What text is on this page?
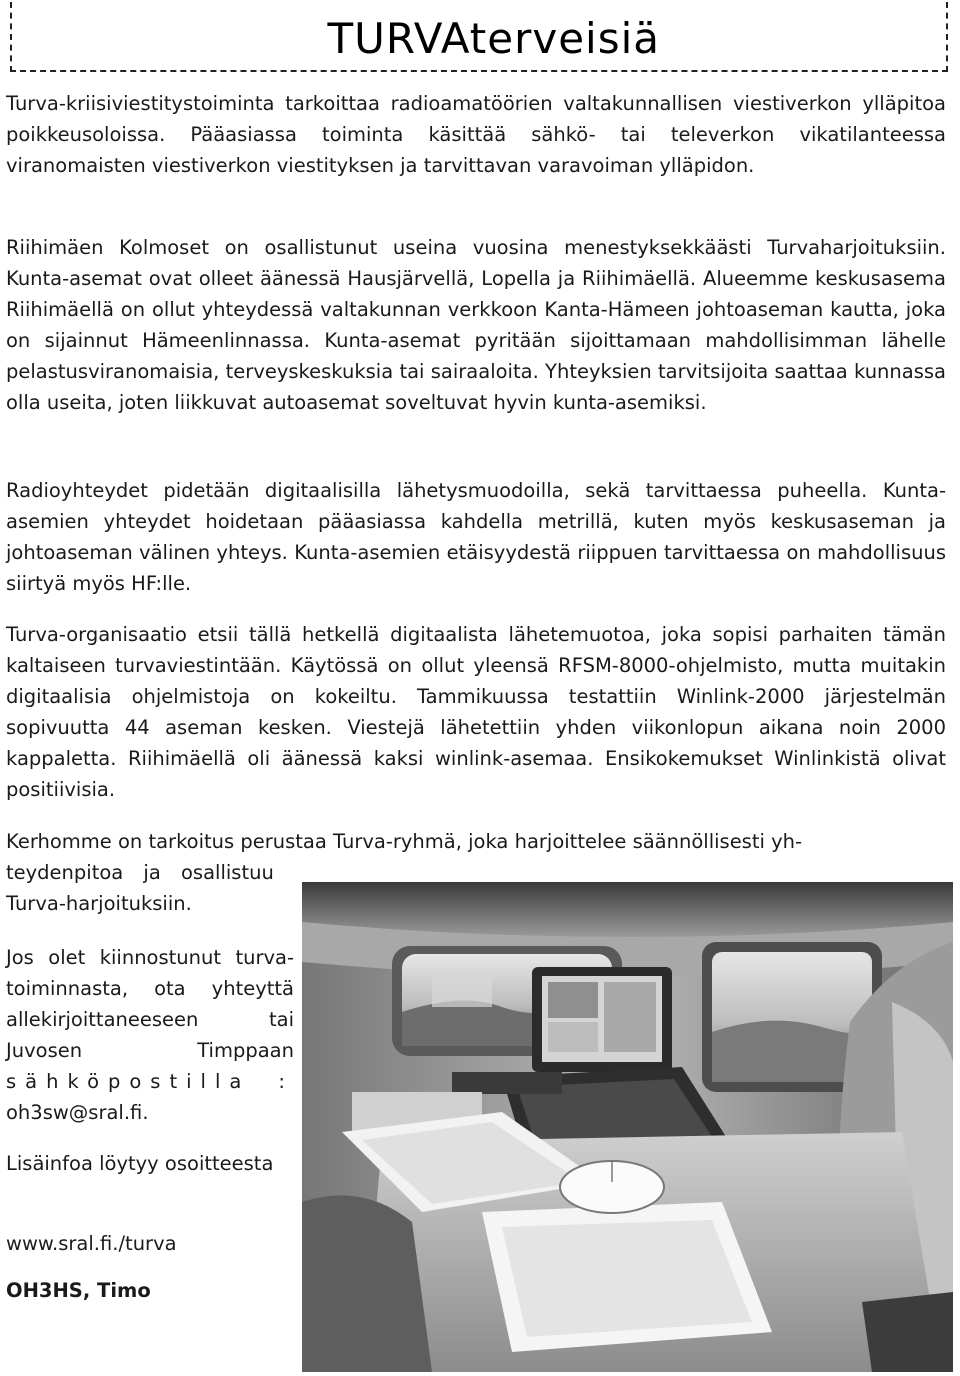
TURVAterveisiä

Turva-kriisiviestitystoiminta tarkoittaa radioamatöörien valtakunnallisen viestiverkon ylläpitoa poikkeusoloissa. Pääasiassa toiminta käsittää sähkö- tai televerkon vikatilanteessa viranomaisten viestiverkon viestityksen ja tarvittavan varavoiman ylläpidon.

Riihimäen Kolmoset on osallistunut useina vuosina menestyksekkäästi Turvaharjoituksiin. Kunta-asemat ovat olleet äänessä Hausjärvellä, Lopella ja Riihimäellä. Alueemme keskusasema Riihimäellä on ollut yhteydessä valtakunnan verkkoon Kanta-Hämeen johtoaseman kautta, joka on sijainnut Hämeenlinnassa. Kunta-asemat pyritään sijoittamaan mahdollisimman lähelle pelastusviranomaisia, terveyskeskuksia tai sairaaloita. Yhteyksien tarvitsijoita saattaa kunnassa olla useita, joten liikkuvat autoasemat soveltuvat hyvin kunta-asemiksi.

Radioyhteydet pidetään digitaalisilla lähetysmuodoilla, sekä tarvittaessa puheella. Kunta-asemien yhteydet hoidetaan pääasiassa kahdella metrillä, kuten myös keskusaseman ja johtoaseman välinen yhteys. Kunta-asemien etäisyydestä riippuen tarvittaessa on mahdollisuus siirtyä myös HF:lle.

Turva-organisaatio etsii tällä hetkellä digitaalista lähetemuotoa, joka sopisi parhaiten tämän kaltaiseen turvaviestintään. Käytössä on ollut yleensä RFSM-8000-ohjelmisto, mutta muitakin digitaalisia ohjelmistoja on kokeiltu. Tammikuussa testattiin Winlink-2000 järjestelmän sopivuutta 44 aseman kesken. Viestejä lähetettiin yhden viikonlopun aikana noin 2000 kappaletta. Riihimäellä oli äänessä kaksi winlink-asemaa. Ensikokemukset Winlinkistä olivat positiivisia.

Kerhomme on tarkoitus perustaa Turva-ryhmä, joka harjoittelee säännöllisesti yh-
teydenpitoa ja osallistuu
Turva-harjoituksiin.
Jos olet kiinnostunut turva-toiminnasta, ota yhteyttä allekirjoittaneeseen tai Juvosen Timppaan sähköpostilla : oh3sw@sral.fi.
Lisäinfoa löytyy osoitteesta
www.sral.fi./turva
OH3HS, Timo
